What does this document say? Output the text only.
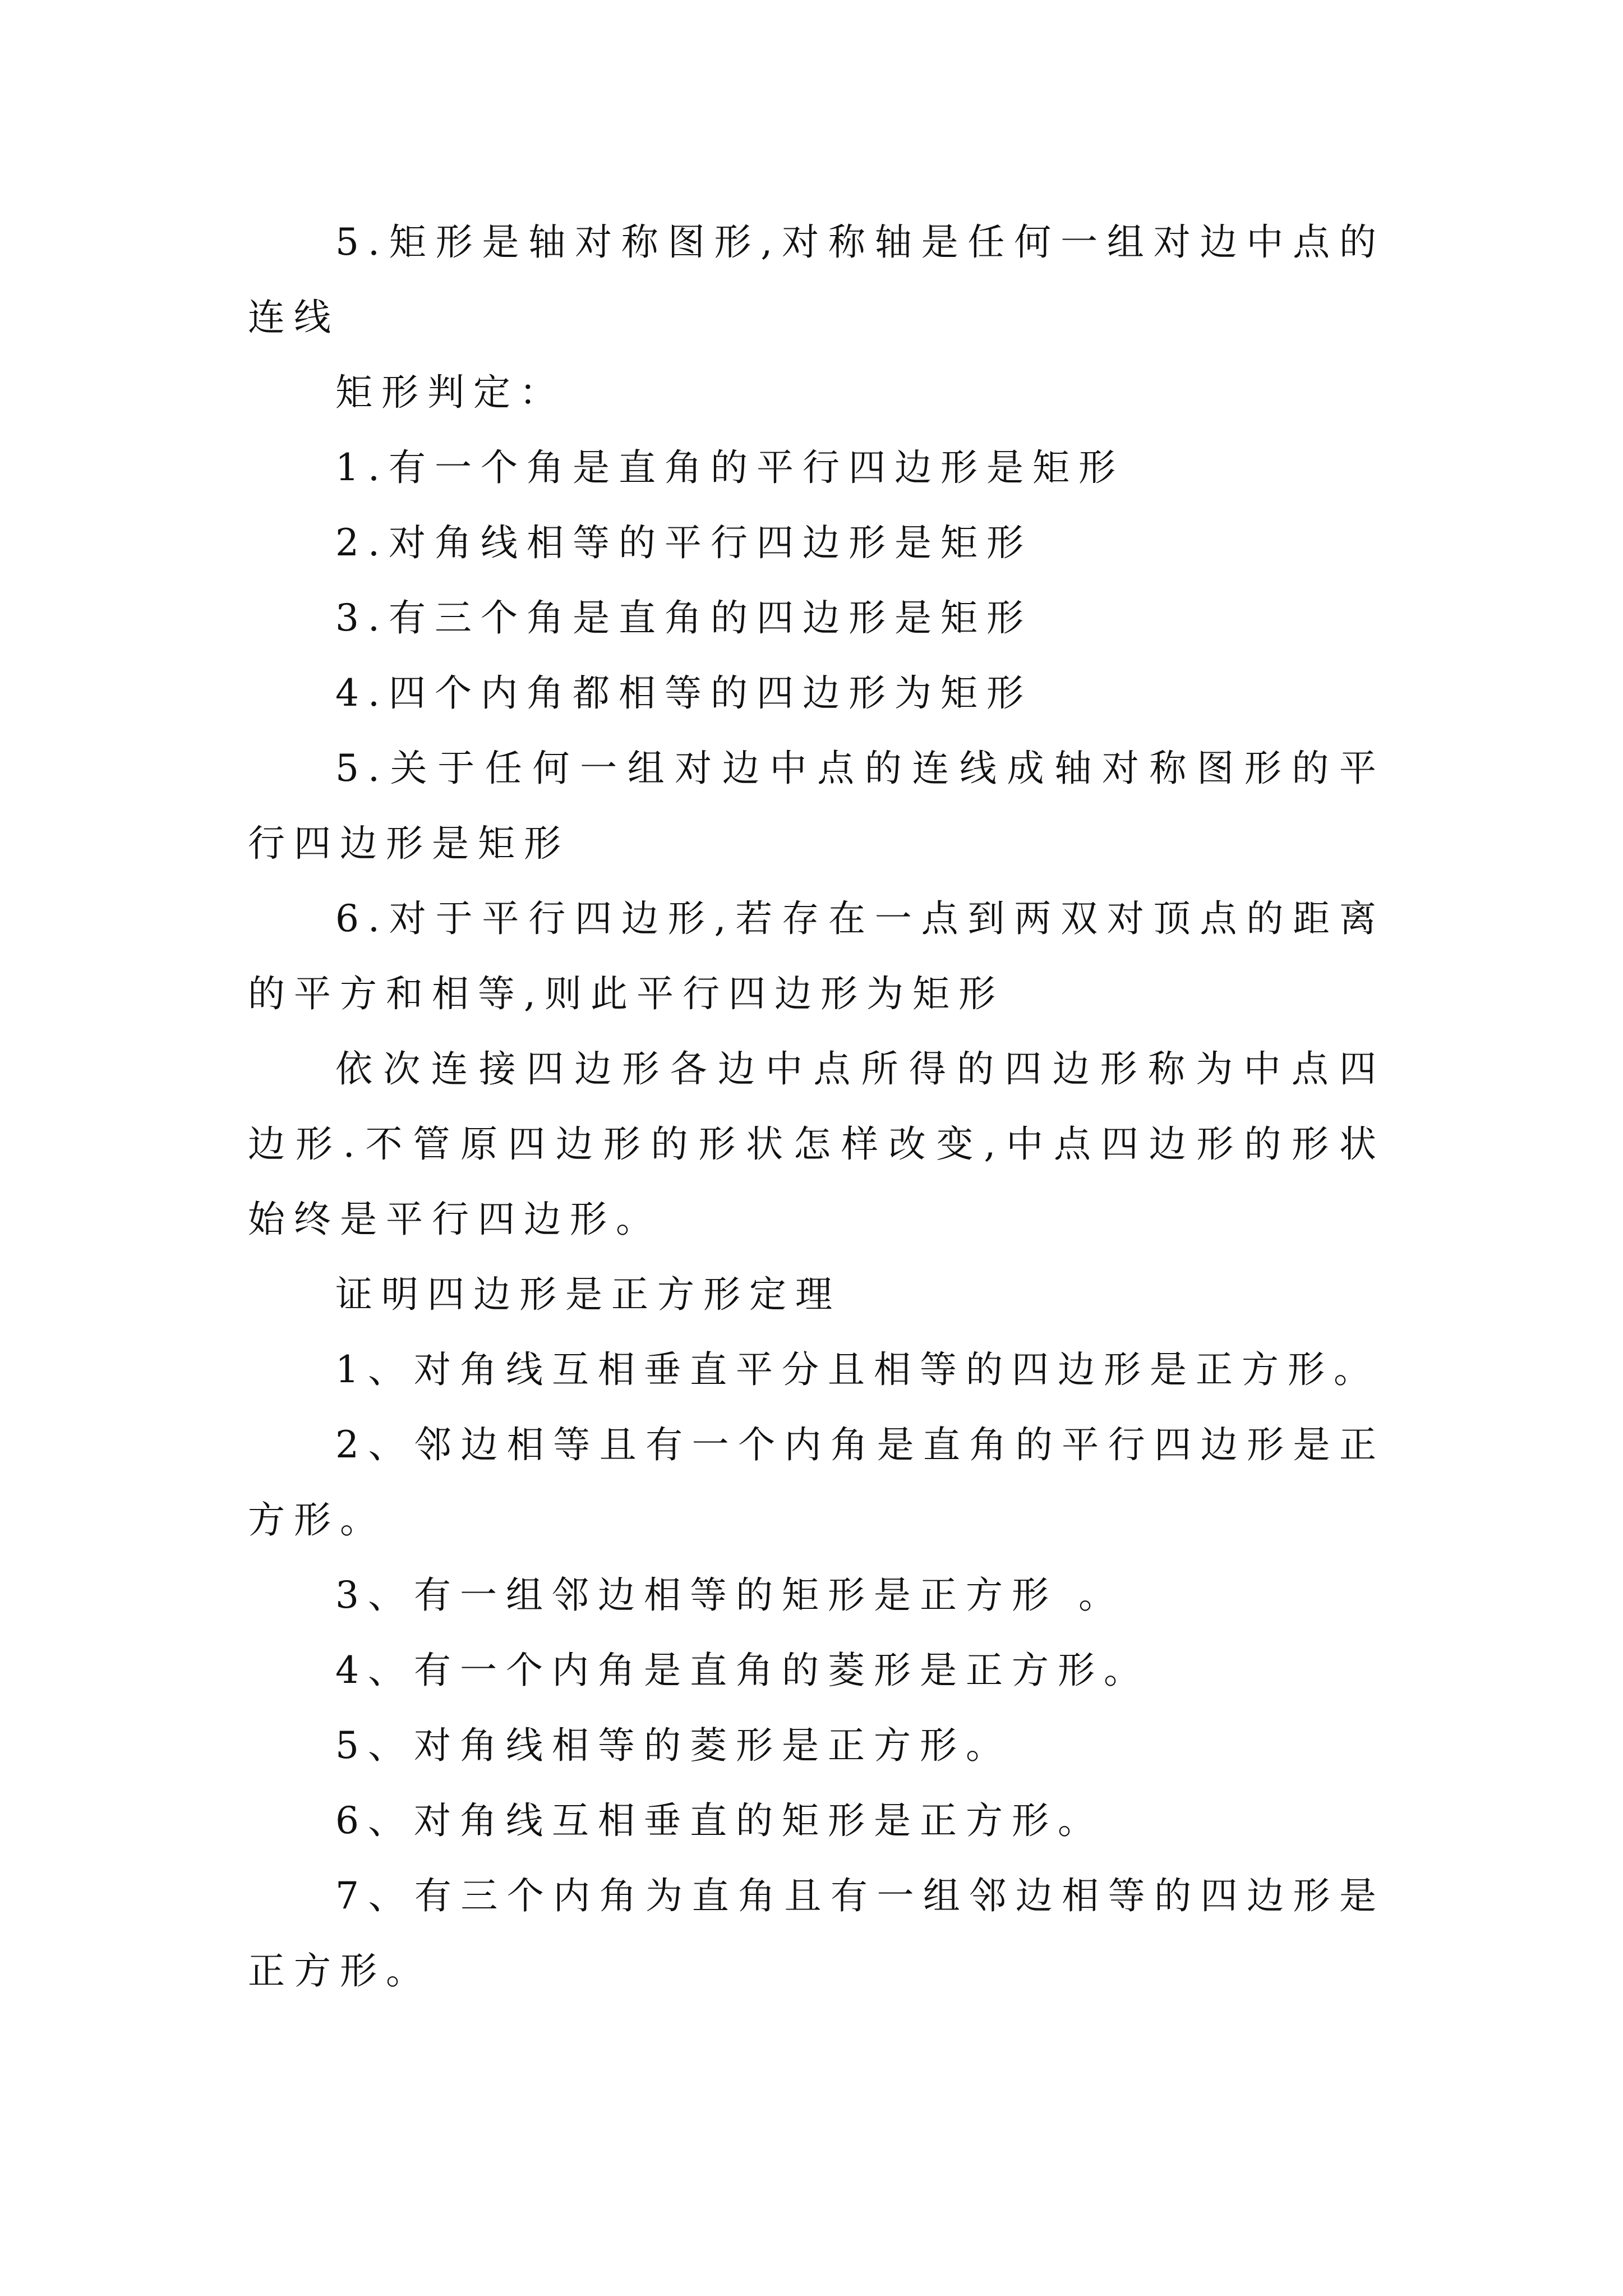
5.矩形是轴对称图形,对称轴是任何一组对边中点的连线

矩形判定：

1.有一个角是直角的平行四边形是矩形

2.对角线相等的平行四边形是矩形

3.有三个角是直角的四边形是矩形

4.四个内角都相等的四边形为矩形

5.关于任何一组对边中点的连线成轴对称图形的平行四边形是矩形

6.对于平行四边形,若存在一点到两双对顶点的距离的平方和相等,则此平行四边形为矩形

依次连接四边形各边中点所得的四边形称为中点四边形.不管原四边形的形状怎样改变,中点四边形的形状始终是平行四边形。

证明四边形是正方形定理

1、对角线互相垂直平分且相等的四边形是正方形。

2、邻边相等且有一个内角是直角的平行四边形是正方形。

3、有一组邻边相等的矩形是正方形 。

4、有一个内角是直角的菱形是正方形。

5、对角线相等的菱形是正方形。

6、对角线互相垂直的矩形是正方形。

7、有三个内角为直角且有一组邻边相等的四边形是正方形。
